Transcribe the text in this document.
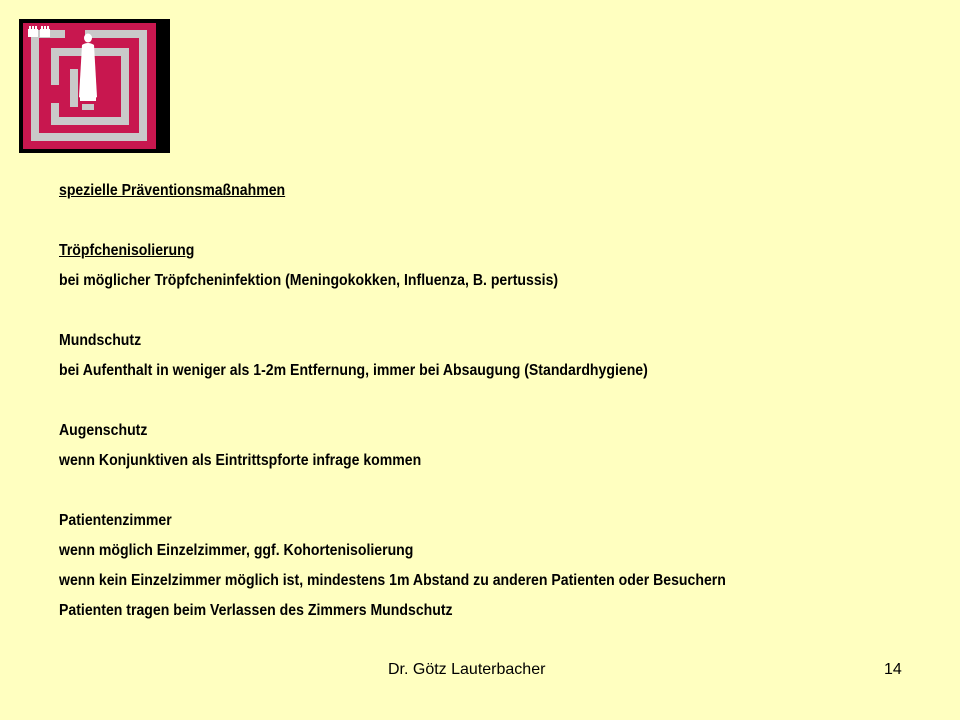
spezielle Präventionsmaßnahmen
Tröpfchenisolierung
bei möglicher Tröpfcheninfektion (Meningokokken, Influenza, B. pertussis)
Mundschutz
bei Aufenthalt in weniger als 1-2m Entfernung, immer bei Absaugung (Standardhygiene)
Augenschutz
wenn Konjunktiven als Eintrittspforte infrage kommen
Patientenzimmer
wenn möglich Einzelzimmer, ggf. Kohortenisolierung
wenn kein Einzelzimmer möglich ist, mindestens 1m Abstand zu anderen Patienten oder Besuchern
Patienten tragen beim Verlassen des Zimmers Mundschutz
Dr. Götz Lauterbacher	14
